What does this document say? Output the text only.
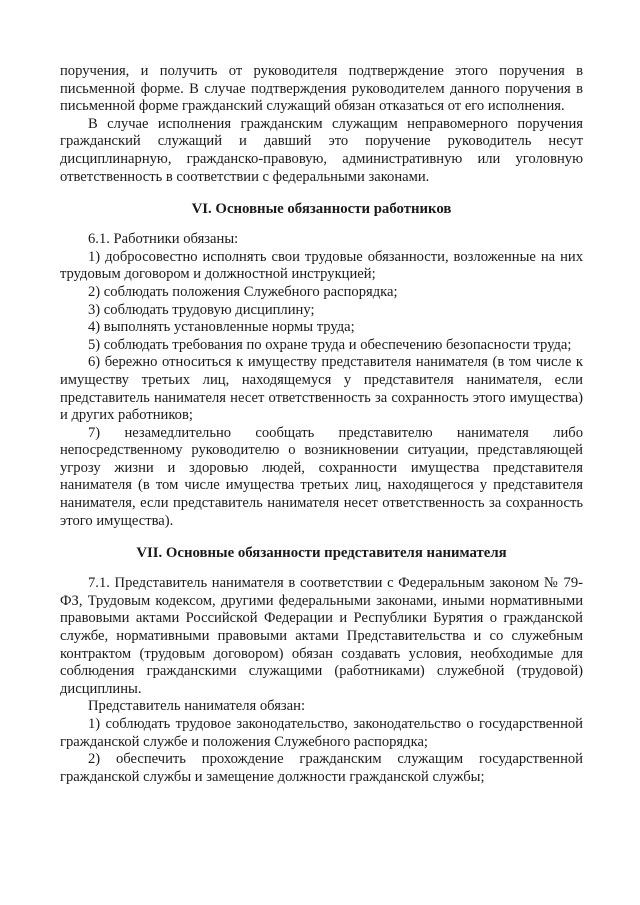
поручения, и получить от руководителя подтверждение этого поручения в письменной форме. В случае подтверждения руководителем данного поручения в письменной форме гражданский служащий обязан отказаться от его исполнения.

В случае исполнения гражданским служащим неправомерного поручения гражданский служащий и давший это поручение руководитель несут дисциплинарную, гражданско-правовую, административную или уголовную ответственность в соответствии с федеральными законами.

VI. Основные обязанности работников

6.1. Работники обязаны:

1) добросовестно исполнять свои трудовые обязанности, возложенные на них трудовым договором и должностной инструкцией;

2) соблюдать положения Служебного распорядка;

3) соблюдать трудовую дисциплину;

4) выполнять установленные нормы труда;

5) соблюдать требования по охране труда и обеспечению безопасности труда;

6) бережно относиться к имуществу представителя нанимателя (в том числе к имуществу третьих лиц, находящемуся у представителя нанимателя, если представитель нанимателя несет ответственность за сохранность этого имущества) и других работников;

7) незамедлительно сообщать представителю нанимателя либо непосредственному руководителю о возникновении ситуации, представляющей угрозу жизни и здоровью людей, сохранности имущества представителя нанимателя (в том числе имущества третьих лиц, находящегося у представителя нанимателя, если представитель нанимателя несет ответственность за сохранность этого имущества).

VII. Основные обязанности представителя нанимателя

7.1. Представитель нанимателя в соответствии с Федеральным законом № 79-ФЗ, Трудовым кодексом, другими федеральными законами, иными нормативными правовыми актами Российской Федерации и Республики Бурятия о гражданской службе, нормативными правовыми актами Представительства и со служебным контрактом (трудовым договором) обязан создавать условия, необходимые для соблюдения гражданскими служащими (работниками) служебной (трудовой) дисциплины.

Представитель нанимателя обязан:

1) соблюдать трудовое законодательство, законодательство о государственной гражданской службе и положения Служебного распорядка;

2) обеспечить прохождение гражданским служащим государственной гражданской службы и замещение должности гражданской службы;
